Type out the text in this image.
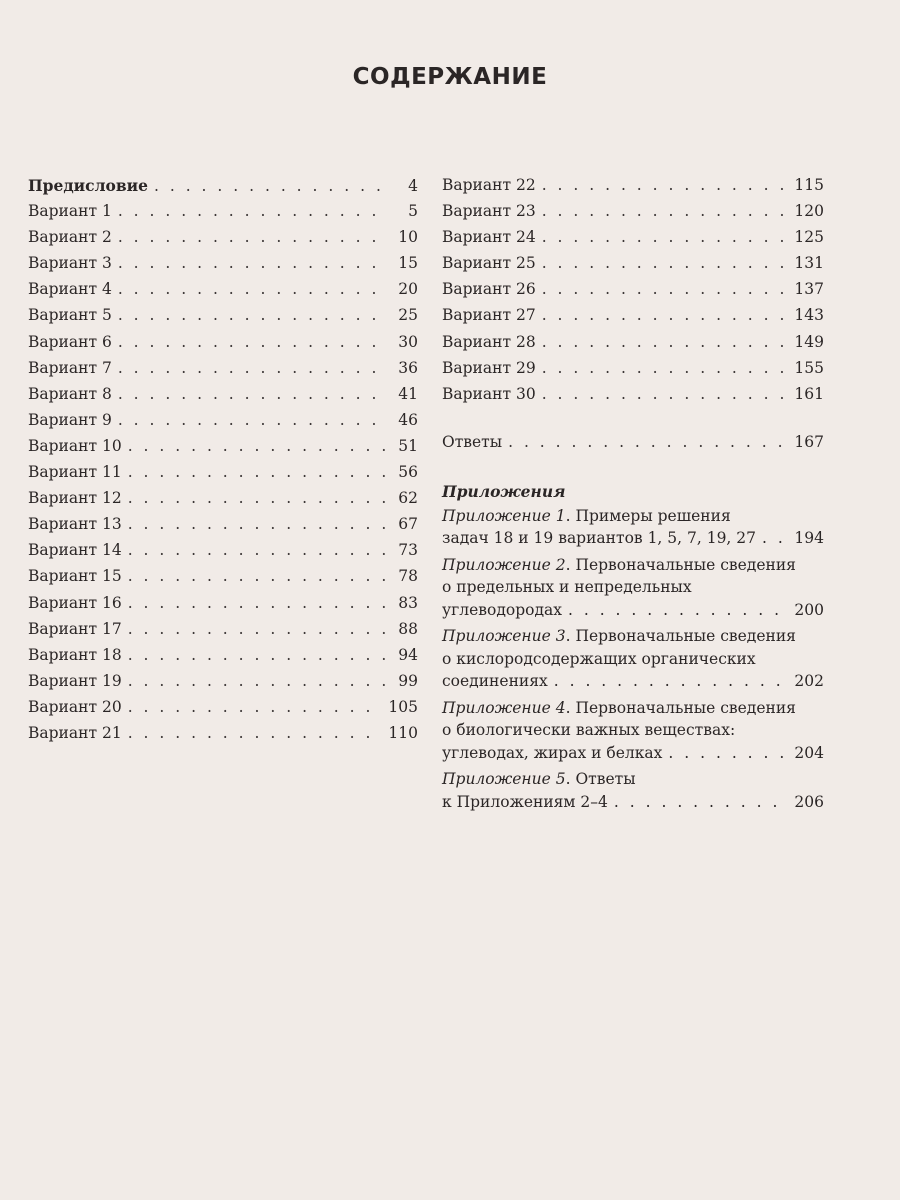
СОДЕРЖАНИЕ
Предисловие . . .	4
Вариант 1 . . .	5
Вариант 2 . . .	10
Вариант 3 . . .	15
Вариант 4 . . .	20
Вариант 5 . . .	25
Вариант 6 . . .	30
Вариант 7 . . .	36
Вариант 8 . . .	41
Вариант 9 . . .	46
Вариант 10 . . .	51
Вариант 11 . . .	56
Вариант 12 . . .	62
Вариант 13 . . .	67
Вариант 14 . . .	73
Вариант 15 . . .	78
Вариант 16 . . .	83
Вариант 17 . . .	88
Вариант 18 . . .	94
Вариант 19 . . .	99
Вариант 20 . . .	105
Вариант 21 . . .	110
Вариант 22 . . .	115
Вариант 23 . . .	120
Вариант 24 . . .	125
Вариант 25 . . .	131
Вариант 26 . . .	137
Вариант 27 . . .	143
Вариант 28 . . .	149
Вариант 29 . . .	155
Вариант 30 . . .	161
Ответы . . .	167
Приложения
Приложение 1 . Примеры решения
задач 18 и 19 вариантов 1, 5, 7, 19, 27 . . . 194
Приложение 2 . Первоначальные сведения
о предельных и непредельных
углеводородах . . .	200
Приложение 3 . Первоначальные сведения
о кислородсодержащих органических
соединениях . . .	202
Приложение 4 . Первоначальные сведения
о биологически важных веществах:
углеводах, жирах и белках . . .	204
Приложение 5 . Ответы
к Приложениям 2–4 . . .	206
